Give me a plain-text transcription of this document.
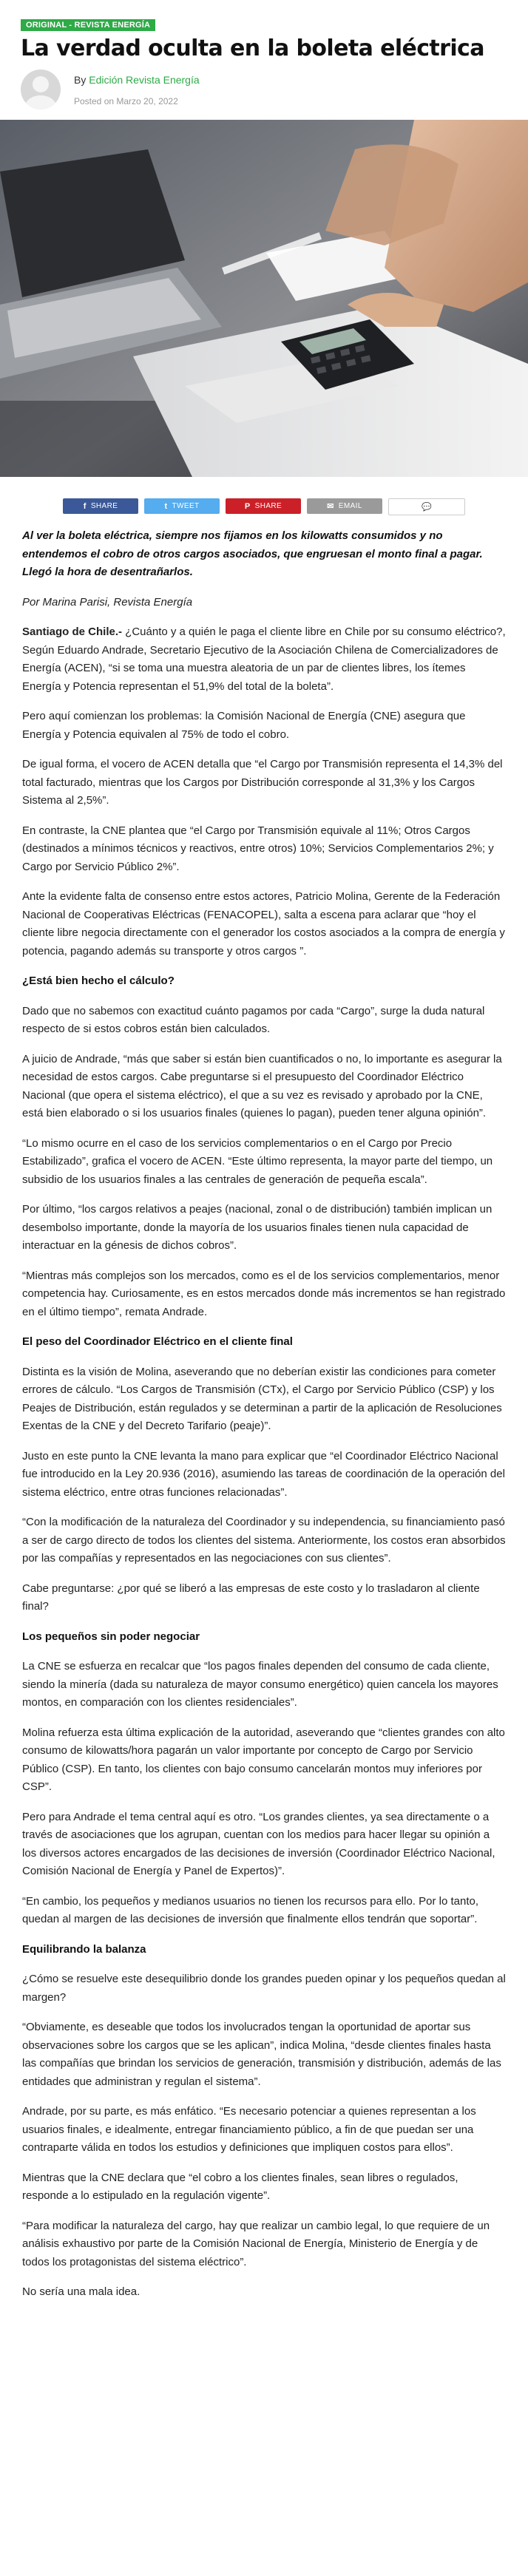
ORIGINAL - REVISTA ENERGÍA
La verdad oculta en la boleta eléctrica
By Edición Revista Energía
Posted on Marzo 20, 2022
f SHARE	t TWEET	P SHARE	✉ EMAIL	💬

Al ver la boleta eléctrica, siempre nos fijamos en los kilowatts consumidos y no entendemos el cobro de otros cargos asociados, que engruesan el monto final a pagar. Llegó la hora de desentrañarlos.

Por Marina Parisi, Revista Energía

Santiago de Chile.- ¿Cuánto y a quién le paga el cliente libre en Chile por su consumo eléctrico?, Según Eduardo Andrade, Secretario Ejecutivo de la Asociación Chilena de Comercializadores de Energía (ACEN), “si se toma una muestra aleatoria de un par de clientes libres, los ítemes Energía y Potencia representan el 51,9% del total de la boleta”.

Pero aquí comienzan los problemas: la Comisión Nacional de Energía (CNE) asegura que Energía y Potencia equivalen al 75% de todo el cobro.

De igual forma, el vocero de ACEN detalla que “el Cargo por Transmisión representa el 14,3% del total facturado, mientras que los Cargos por Distribución corresponde al 31,3% y los Cargos Sistema al 2,5%”.

En contraste, la CNE plantea que “el Cargo por Transmisión equivale al 11%; Otros Cargos (destinados a mínimos técnicos y reactivos, entre otros) 10%; Servicios Complementarios 2%; y Cargo por Servicio Público 2%”.

Ante la evidente falta de consenso entre estos actores, Patricio Molina, Gerente de la Federación Nacional de Cooperativas Eléctricas (FENACOPEL), salta a escena para aclarar que “hoy el cliente libre negocia directamente con el generador los costos asociados a la compra de energía y potencia, pagando además su transporte y otros cargos ”.

¿Está bien hecho el cálculo?

Dado que no sabemos con exactitud cuánto pagamos por cada “Cargo”, surge la duda natural respecto de si estos cobros están bien calculados.

A juicio de Andrade, “más que saber si están bien cuantificados o no, lo importante es asegurar la necesidad de estos cargos. Cabe preguntarse si el presupuesto del Coordinador Eléctrico Nacional (que opera el sistema eléctrico), el que a su vez es revisado y aprobado por la CNE, está bien elaborado o si los usuarios finales (quienes lo pagan), pueden tener alguna opinión”.

“Lo mismo ocurre en el caso de los servicios complementarios o en el Cargo por Precio Estabilizado”, grafica el vocero de ACEN. “Este último representa, la mayor parte del tiempo, un subsidio de los usuarios finales a las centrales de generación de pequeña escala”.

Por último, “los cargos relativos a peajes (nacional, zonal o de distribución) también implican un desembolso importante, donde la mayoría de los usuarios finales tienen nula capacidad de interactuar en la génesis de dichos cobros”.

“Mientras más complejos son los mercados, como es el de los servicios complementarios, menor competencia hay. Curiosamente, es en estos mercados donde más incrementos se han registrado en el último tiempo”, remata Andrade.

El peso del Coordinador Eléctrico en el cliente final

Distinta es la visión de Molina, aseverando que no deberían existir las condiciones para cometer errores de cálculo. “Los Cargos de Transmisión (CTx), el Cargo por Servicio Público (CSP) y los Peajes de Distribución, están regulados y se determinan a partir de la aplicación de Resoluciones Exentas de la CNE y del Decreto Tarifario (peaje)”.

Justo en este punto la CNE levanta la mano para explicar que “el Coordinador Eléctrico Nacional fue introducido en la Ley 20.936 (2016), asumiendo las tareas de coordinación de la operación del sistema eléctrico, entre otras funciones relacionadas”.

“Con la modificación de la naturaleza del Coordinador y su independencia, su financiamiento pasó a ser de cargo directo de todos los clientes del sistema. Anteriormente, los costos eran absorbidos por las compañías y representados en las negociaciones con sus clientes”.

Cabe preguntarse: ¿por qué se liberó a las empresas de este costo y lo trasladaron al cliente final?

Los pequeños sin poder negociar

La CNE se esfuerza en recalcar que “los pagos finales dependen del consumo de cada cliente, siendo la minería (dada su naturaleza de mayor consumo energético) quien cancela los mayores montos, en comparación con los clientes residenciales”.

Molina refuerza esta última explicación de la autoridad, aseverando que “clientes grandes con alto consumo de kilowatts/hora pagarán un valor importante por concepto de Cargo por Servicio Público (CSP). En tanto, los clientes con bajo consumo cancelarán montos muy inferiores por CSP”.

Pero para Andrade el tema central aquí es otro. “Los grandes clientes, ya sea directamente o a través de asociaciones que los agrupan, cuentan con los medios para hacer llegar su opinión a los diversos actores encargados de las decisiones de inversión (Coordinador Eléctrico Nacional, Comisión Nacional de Energía y Panel de Expertos)”.

“En cambio, los pequeños y medianos usuarios no tienen los recursos para ello. Por lo tanto, quedan al margen de las decisiones de inversión que finalmente ellos tendrán que soportar”.

Equilibrando la balanza

¿Cómo se resuelve este desequilibrio donde los grandes pueden opinar y los pequeños quedan al margen?

“Obviamente, es deseable que todos los involucrados tengan la oportunidad de aportar sus observaciones sobre los cargos que se les aplican”, indica Molina, “desde clientes finales hasta las compañías que brindan los servicios de generación, transmisión y distribución, además de las entidades que administran y regulan el sistema”.

Andrade, por su parte, es más enfático. “Es necesario potenciar a quienes representan a los usuarios finales, e idealmente, entregar financiamiento público, a fin de que puedan ser una contraparte válida en todos los estudios y definiciones que impliquen costos para ellos”.

Mientras que la CNE declara que “el cobro a los clientes finales, sean libres o regulados, responde a lo estipulado en la regulación vigente”.

“Para modificar la naturaleza del cargo, hay que realizar un cambio legal, lo que requiere de un análisis exhaustivo por parte de la Comisión Nacional de Energía, Ministerio de Energía y de todos los protagonistas del sistema eléctrico”.

No sería una mala idea.
